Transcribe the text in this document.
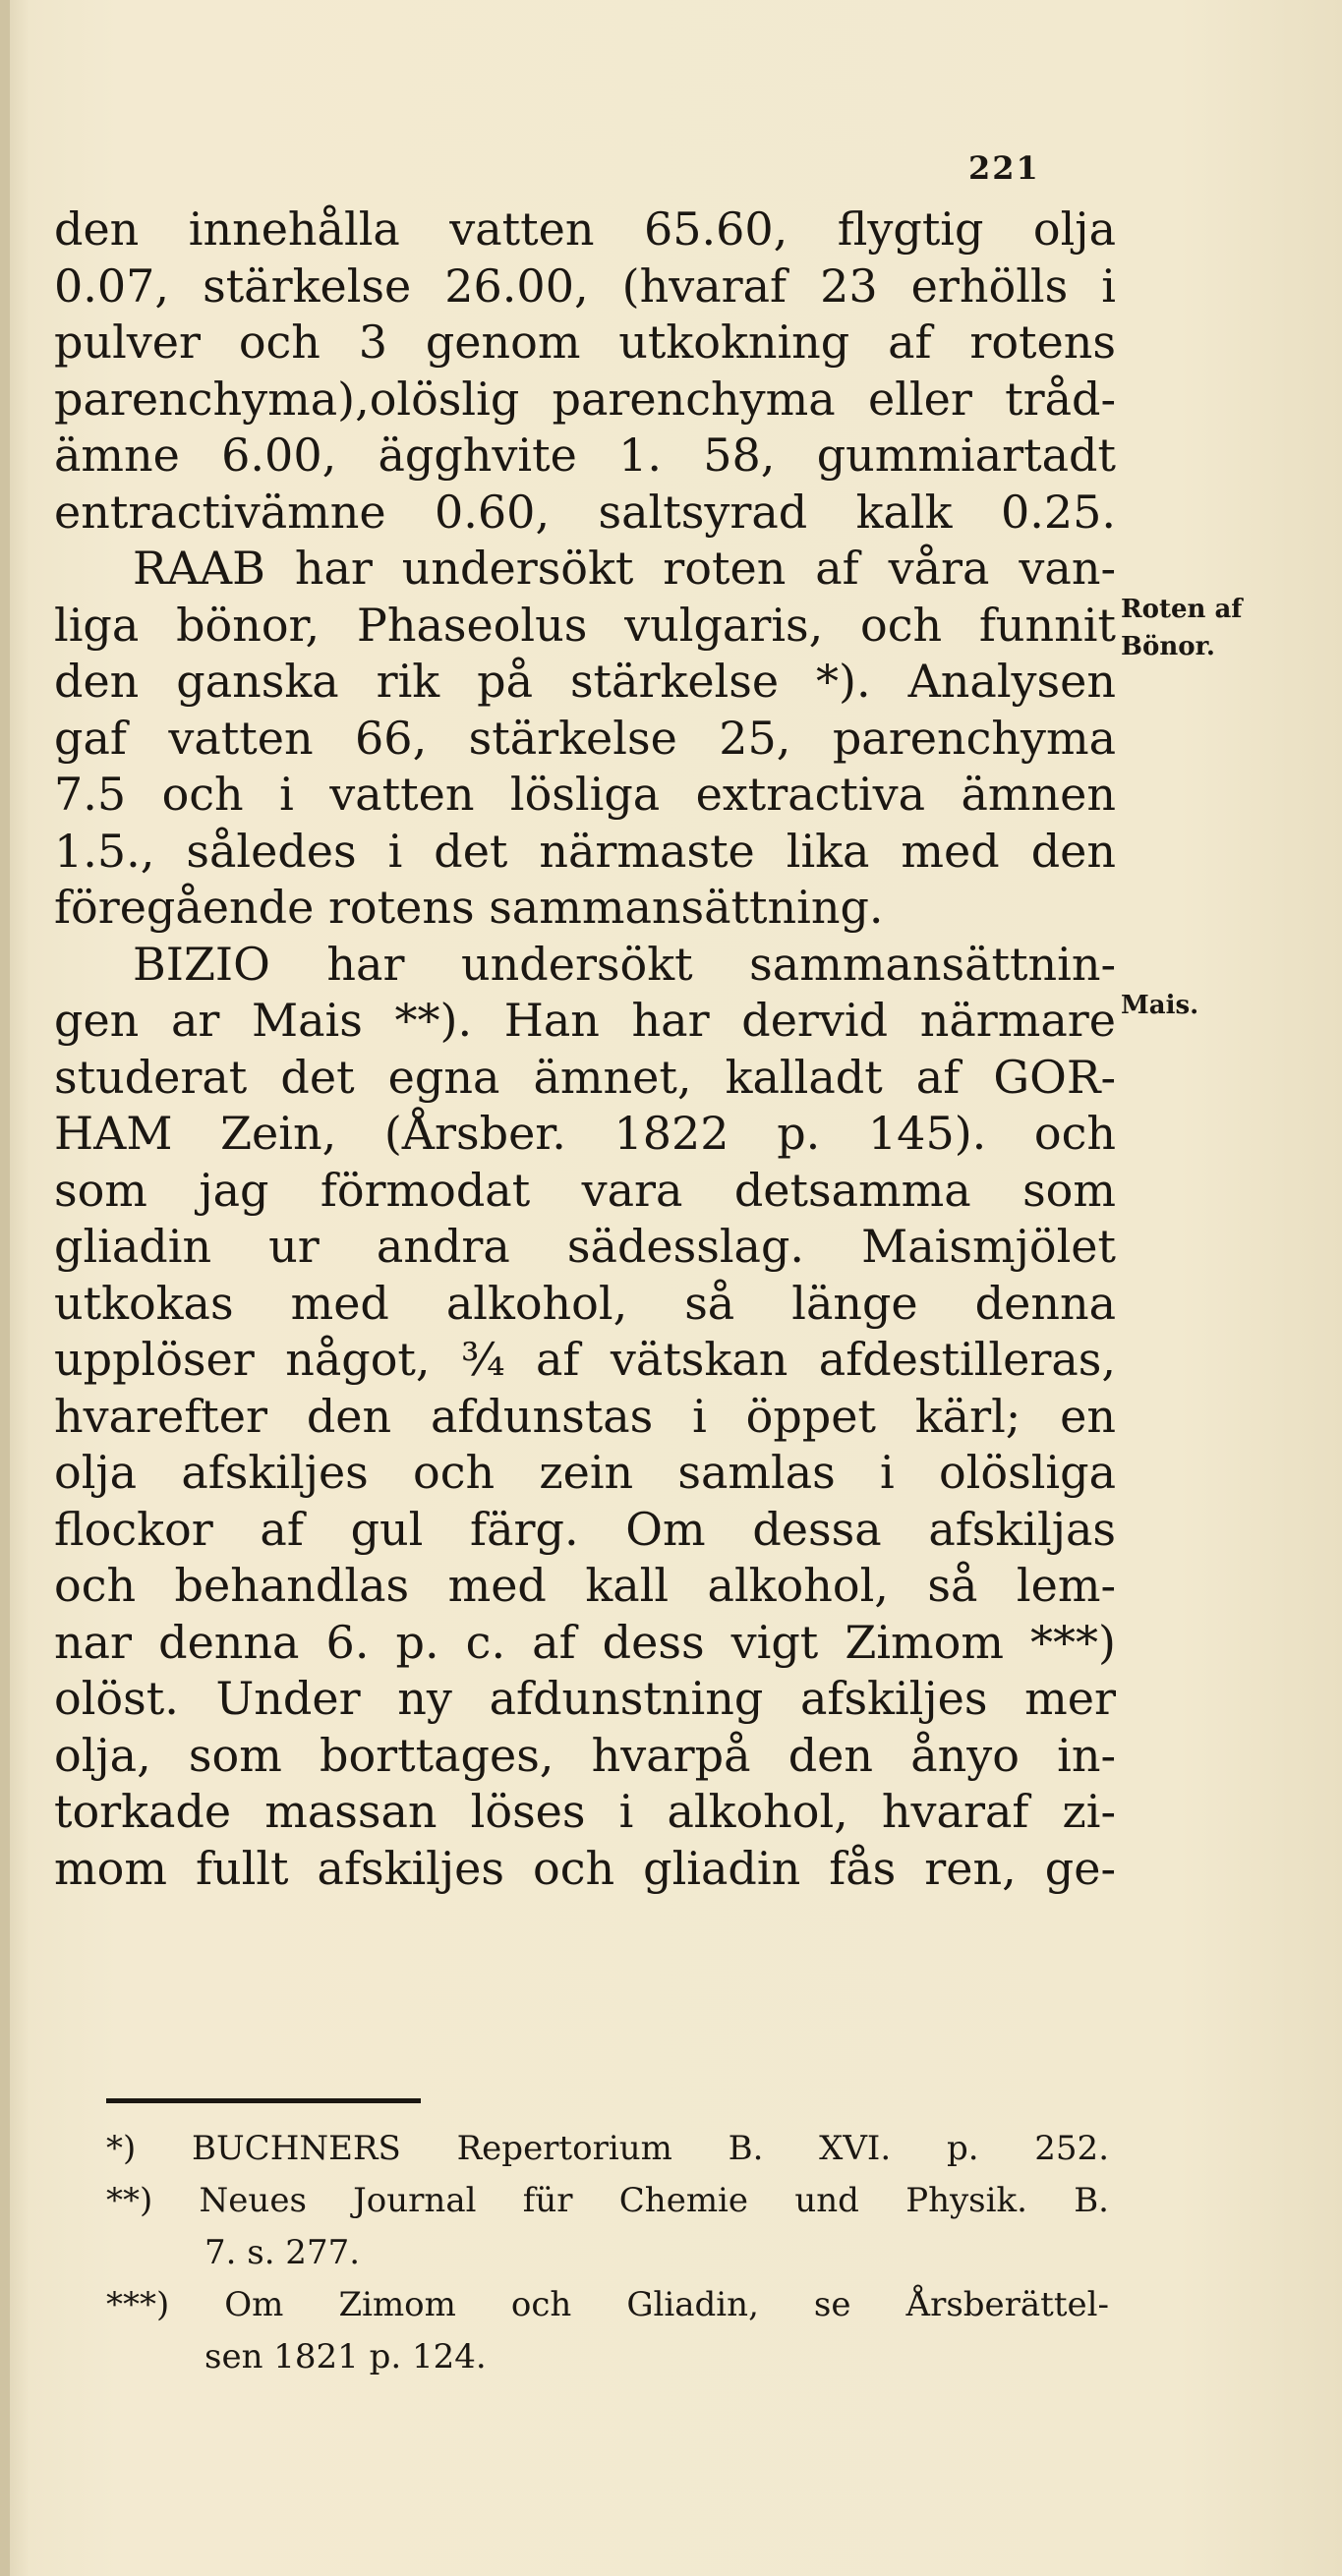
221
den innehålla vatten 65.60, flygtig olja
0.07, stärkelse 26.00, (hvaraf 23 erhölls i
pulver och 3 genom utkokning af rotens
parenchyma),olöslig parenchyma eller tråd-
ämne 6.00, ägghvite 1. 58, gummiartadt
entractivämne 0.60, saltsyrad kalk 0.25.
RAAB har undersökt roten af våra van-
liga bönor, Phaseolus vulgaris, och funnit
den ganska rik på stärkelse *). Analysen
gaf vatten 66, stärkelse 25, parenchyma
7.5 och i vatten lösliga extractiva ämnen
1.5., således i det närmaste lika med den
föregående rotens sammansättning.
BIZIO har undersökt sammansättnin-
gen ar Mais **). Han har dervid närmare
studerat det egna ämnet, kalladt af GOR-
HAM Zein, (Årsber. 1822 p. 145). och
som jag förmodat vara detsamma som
gliadin ur andra sädesslag. Maismjölet
utkokas med alkohol, så länge denna
upplöser något, ¾ af vätskan afdestilleras,
hvarefter den afdunstas i öppet kärl; en
olja afskiljes och zein samlas i olösliga
flockor af gul färg. Om dessa afskiljas
och behandlas med kall alkohol, så lem-
nar denna 6. p. c. af dess vigt Zimom ***)
olöst. Under ny afdunstning afskiljes mer
olja, som borttages, hvarpå den ånyo in-
torkade massan löses i alkohol, hvaraf zi-
mom fullt afskiljes och gliadin fås ren, ge-
Roten af
Bönor.
Mais.
*) BUCHNERS Repertorium B. XVI. p. 252.
**) Neues Journal für Chemie und Physik. B.
7. s. 277.
***) Om Zimom och Gliadin, se Årsberättel-
sen 1821 p. 124.
